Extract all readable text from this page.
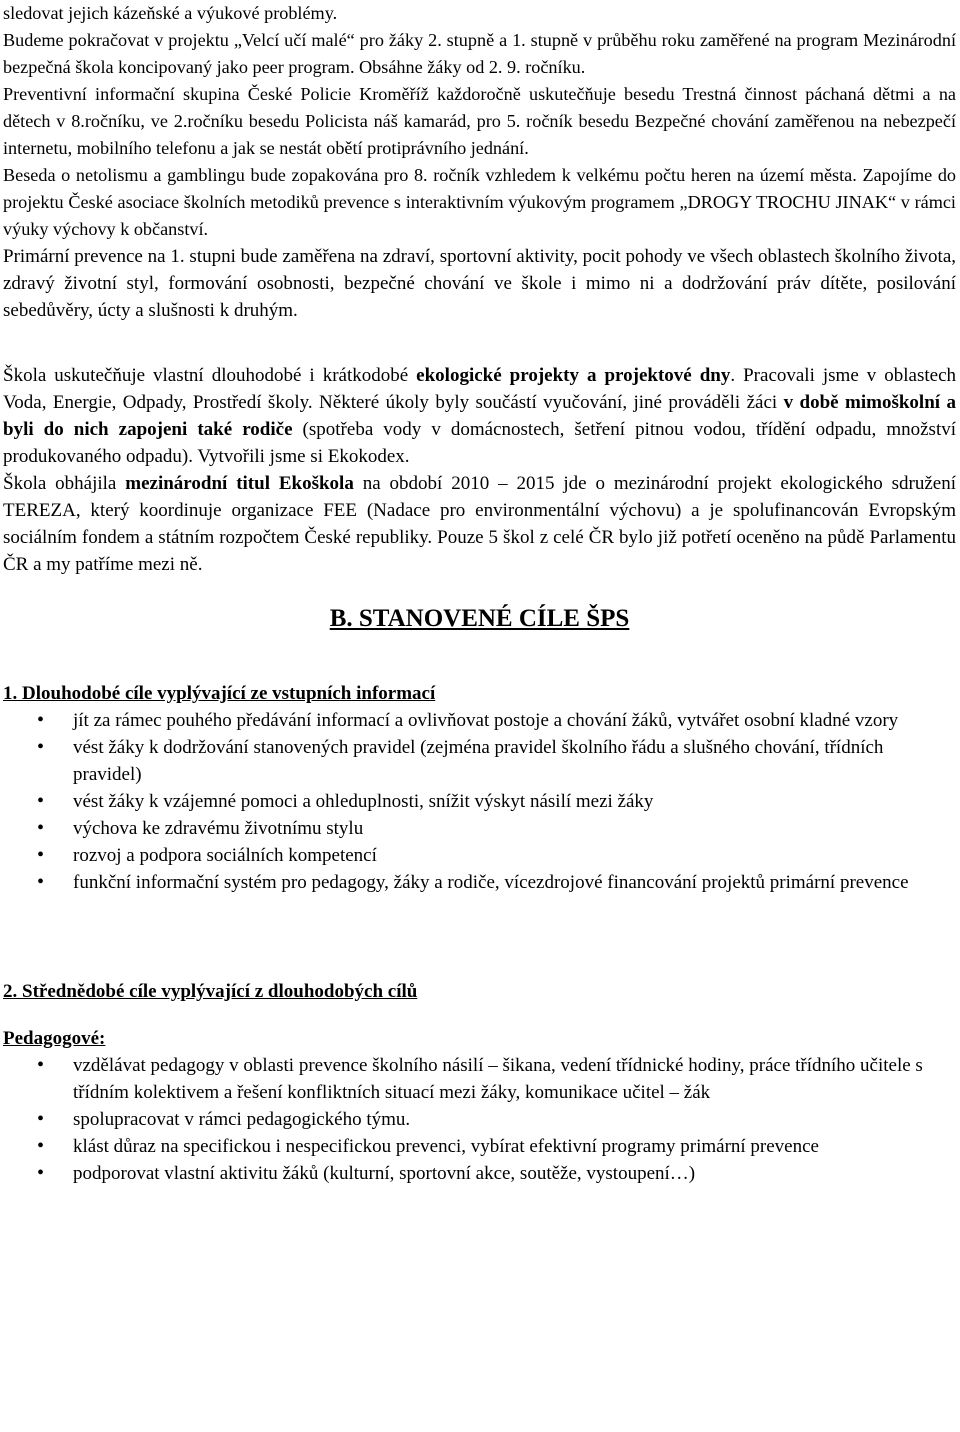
sledovat jejich kázeňské a výukové problémy.

Budeme pokračovat v projektu „Velcí učí malé“ pro žáky 2. stupně a 1. stupně v průběhu roku zaměřené na program Mezinárodní bezpečná škola koncipovaný jako peer program. Obsáhne žáky od 2. 9. ročníku.

Preventivní informační skupina České Policie Kroměříž každoročně uskutečňuje besedu Trestná činnost páchaná dětmi a na dětech v 8.ročníku, ve 2.ročníku besedu Policista náš kamarád, pro 5. ročník besedu Bezpečné chování zaměřenou na nebezpečí internetu, mobilního telefonu a jak se nestát obětí protiprávního jednání.

Beseda o netolismu a gamblingu bude zopakována pro 8. ročník vzhledem k velkému počtu heren na území města. Zapojíme do projektu České asociace školních metodiků prevence s interaktivním výukovým programem „DROGY TROCHU JINAK“ v rámci výuky výchovy k občanství.

Primární prevence na 1. stupni bude zaměřena na zdraví, sportovní aktivity, pocit pohody ve všech oblastech školního života, zdravý životní styl, formování osobnosti, bezpečné chování ve škole i mimo ni a dodržování práv dítěte, posilování sebedůvěry, úcty a slušnosti k druhým.

Škola uskutečňuje vlastní dlouhodobé i krátkodobé ekologické projekty a projektové dny. Pracovali jsme v oblastech Voda, Energie, Odpady, Prostředí školy. Některé úkoly byly součástí vyučování, jiné prováděli žáci v době mimoškolní a byli do nich zapojeni také rodiče (spotřeba vody v domácnostech, šetření pitnou vodou, třídění odpadu, množství produkovaného odpadu). Vytvořili jsme si Ekokodex.

Škola obhájila mezinárodní titul Ekoškola na období 2010 – 2015 jde o mezinárodní projekt ekologického sdružení TEREZA, který koordinuje organizace FEE (Nadace pro environmentální výchovu) a je spolufinancován Evropským sociálním fondem a státním rozpočtem České republiky. Pouze 5 škol z celé ČR bylo již potřetí oceněno na půdě Parlamentu ČR a my patříme mezi ně.

B. STANOVENÉ CÍLE ŠPS

1. Dlouhodobé cíle vyplývající ze vstupních informací

• jít za rámec pouhého předávání informací a ovlivňovat postoje a chování žáků, vytvářet osobní kladné vzory
• vést žáky k dodržování stanovených pravidel (zejména pravidel školního řádu a slušného chování, třídních pravidel)
• vést žáky k vzájemné pomoci a ohleduplnosti, snížit výskyt násilí mezi žáky
• výchova ke zdravému životnímu stylu
• rozvoj a podpora sociálních kompetencí
• funkční informační systém pro pedagogy, žáky a rodiče, vícezdrojové financování projektů primární prevence

2. Střednědobé cíle vyplývající z dlouhodobých cílů

Pedagogové:

• vzdělávat pedagogy v oblasti prevence školního násilí – šikana, vedení třídnické hodiny, práce třídního učitele s třídním kolektivem a řešení konfliktních situací mezi žáky, komunikace učitel – žák
• spolupracovat v rámci pedagogického týmu.
• klást důraz na specifickou i nespecifickou prevenci, vybírat efektivní programy primární prevence
• podporovat vlastní aktivitu žáků (kulturní, sportovní akce, soutěže, vystoupení…)
